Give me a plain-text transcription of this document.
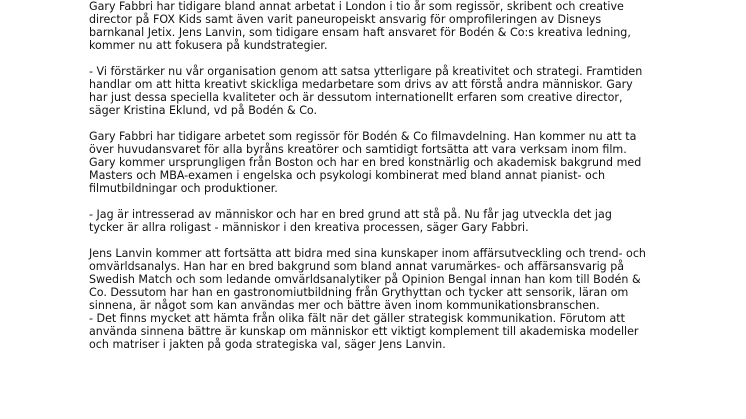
Gary Fabbri har tidigare bland annat arbetat i London i tio år som regissör, skribent och creative
director på FOX Kids samt även varit paneuropeiskt ansvarig för omprofileringen av Disneys
barnkanal Jetix. Jens Lanvin, som tidigare ensam haft ansvaret för Bodén & Co:s kreativa ledning,
kommer nu att fokusera på kundstrategier.

- Vi förstärker nu vår organisation genom att satsa ytterligare på kreativitet och strategi. Framtiden
handlar om att hitta kreativt skickliga medarbetare som drivs av att förstå andra människor. Gary
har just dessa speciella kvaliteter och är dessutom internationellt erfaren som creative director,
säger Kristina Eklund, vd på Bodén & Co.

Gary Fabbri har tidigare arbetet som regissör för Bodén & Co filmavdelning. Han kommer nu att ta
över huvudansvaret för alla byråns kreatörer och samtidigt fortsätta att vara verksam inom film.
Gary kommer ursprungligen från Boston och har en bred konstnärlig och akademisk bakgrund med
Masters och MBA-examen i engelska och psykologi kombinerat med bland annat pianist- och
filmutbildningar och produktioner.

- Jag är intresserad av människor och har en bred grund att stå på. Nu får jag utveckla det jag
tycker är allra roligast - människor i den kreativa processen, säger Gary Fabbri.

Jens Lanvin kommer att fortsätta att bidra med sina kunskaper inom affärsutveckling och trend- och
omvärldsanalys. Han har en bred bakgrund som bland annat varumärkes- och affärsansvarig på
Swedish Match och som ledande omvärldsanalytiker på Opinion Bengal innan han kom till Bodén &
Co. Dessutom har han en gastronomiutbildning från Grythyttan och tycker att sensorik, läran om
sinnena, är något som kan användas mer och bättre även inom kommunikationsbranschen.

- Det finns mycket att hämta från olika fält när det gäller strategisk kommunikation. Förutom att
använda sinnena bättre är kunskap om människor ett viktigt komplement till akademiska modeller
och matriser i jakten på goda strategiska val, säger Jens Lanvin.
